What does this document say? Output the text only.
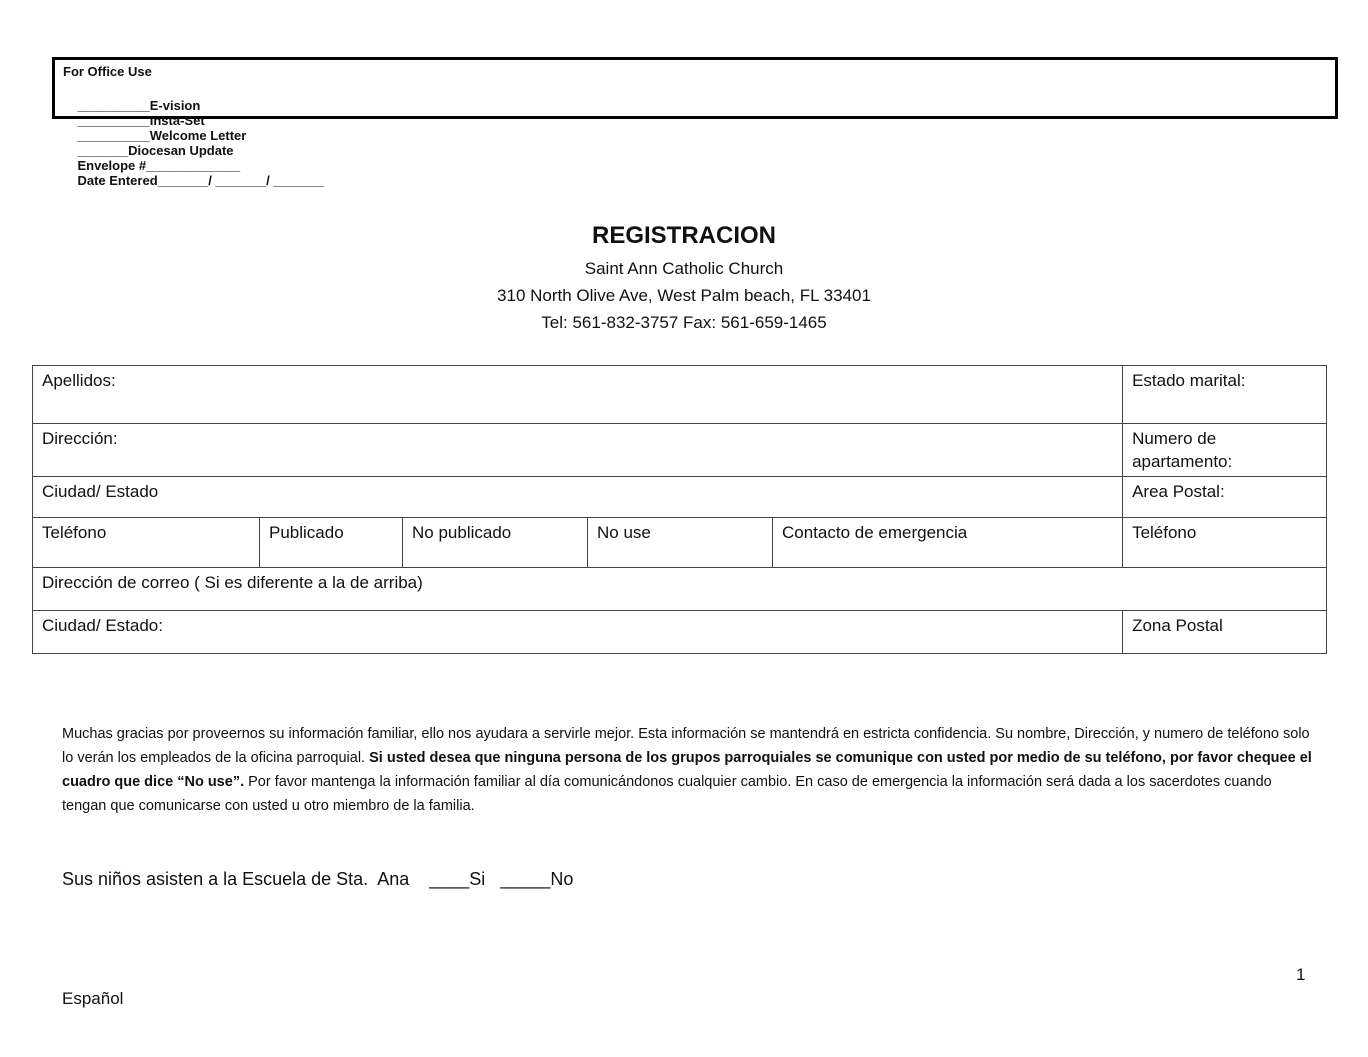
For Office Use

__________E-vision
__________Insta-Set
__________Welcome Letter
_______Diocesan Update
Envelope #_____________
Date Entered_______/ _______/ _______

REGISTRACION
Saint Ann Catholic Church
310 North Olive Ave, West Palm beach, FL 33401
Tel: 561-832-3757 Fax: 561-659-1465
Apellidos:					Estado marital:
Dirección:					Numero de apartamento:
Ciudad/ Estado					Area Postal:
Teléfono	Publicado	No publicado	No use	Contacto de emergencia	Teléfono
Dirección de correo ( Si es diferente a la de arriba)					
Ciudad/ Estado:					Zona Postal
Muchas gracias por proveernos su información familiar, ello nos ayudara a servirle mejor. Esta información se mantendrá en estricta confidencia. Su nombre, Dirección, y numero de teléfono solo lo verán los empleados de la oficina parroquial. Si usted desea que ninguna persona de los grupos parroquiales se comunique con usted por medio de su teléfono, por favor chequee el cuadro que dice “No use”. Por favor mantenga la información familiar al día comunicándonos cualquier cambio. En caso de emergencia la información será dada a los sacerdotes cuando tengan que comunicarse con usted u otro miembro de la familia.
Sus niños asisten a la Escuela de Sta.  Ana ____Si _____No
1
Español
